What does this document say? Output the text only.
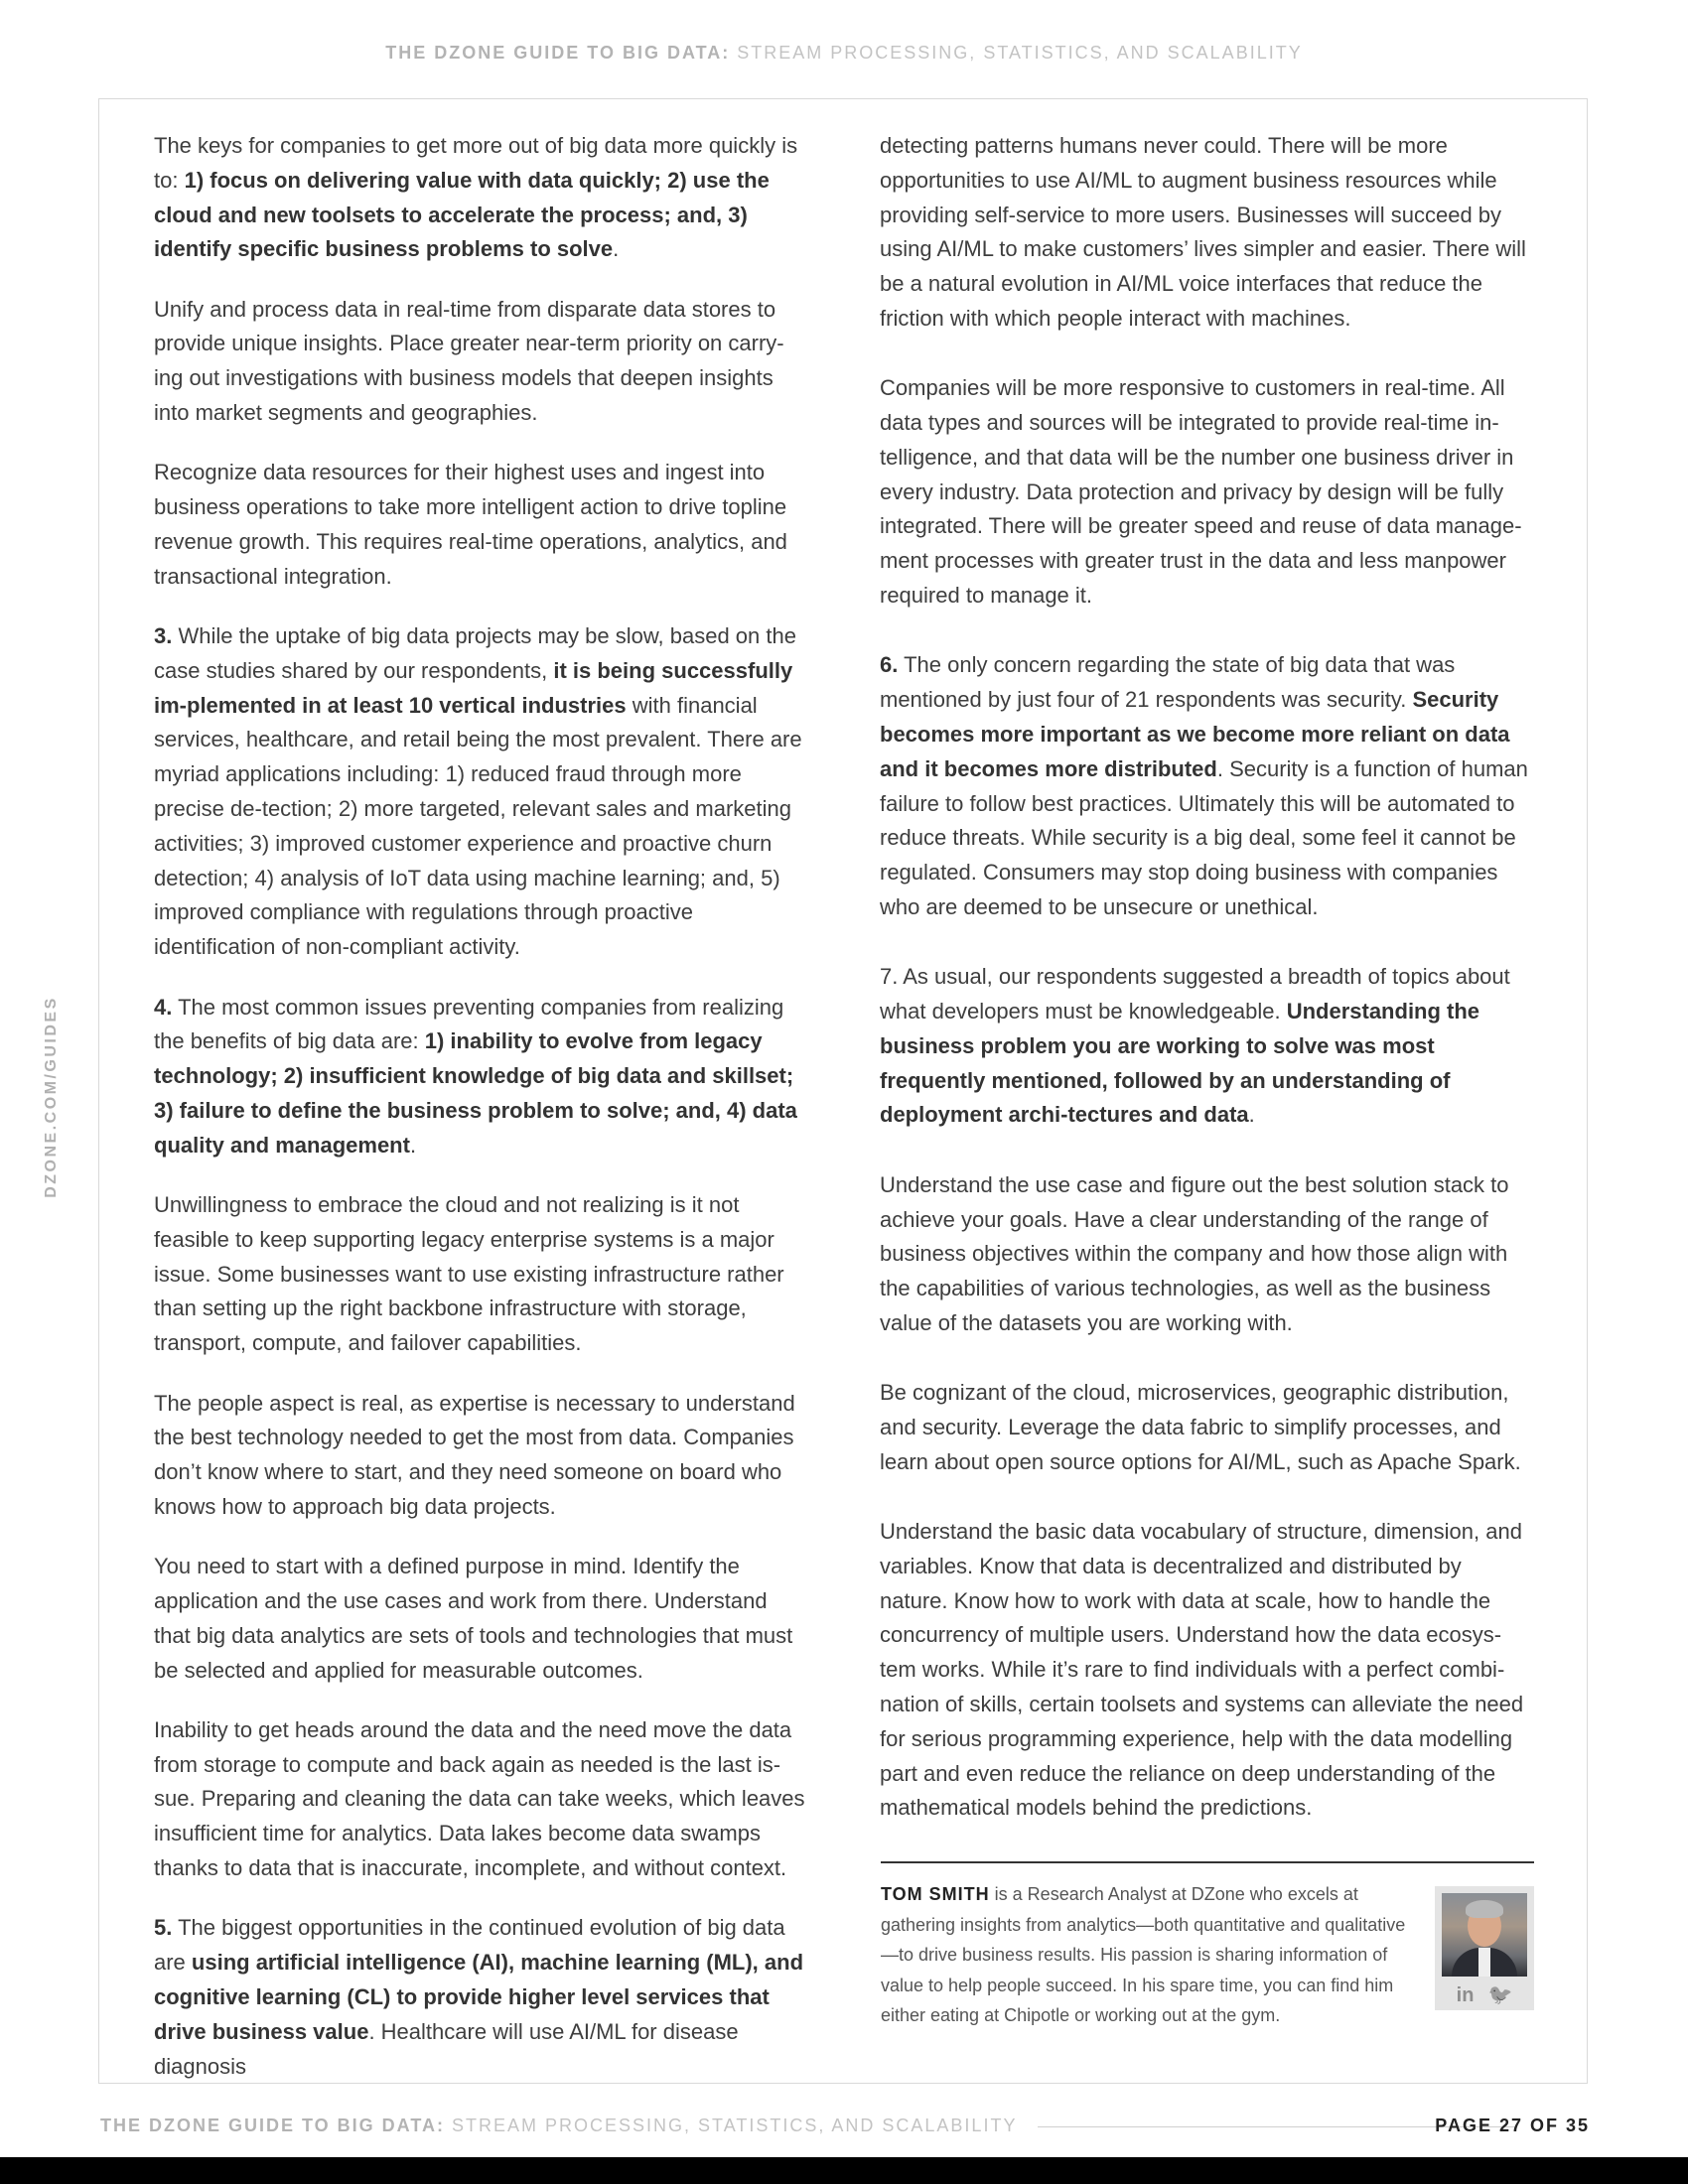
THE DZONE GUIDE TO BIG DATA: STREAM PROCESSING, STATISTICS, AND SCALABILITY
DZONE.COM/GUIDES

The keys for companies to get more out of big data more quickly is to: 1) focus on delivering value with data quickly; 2) use the cloud and new toolsets to accelerate the process; and, 3) identify specific business problems to solve.

Unify and process data in real-time from disparate data stores to provide unique insights. Place greater near-term priority on carry-ing out investigations with business models that deepen insights into market segments and geographies.

Recognize data resources for their highest uses and ingest into business operations to take more intelligent action to drive topline revenue growth. This requires real-time operations, analytics, and transactional integration.

3. While the uptake of big data projects may be slow, based on the case studies shared by our respondents, it is being successfully im-plemented in at least 10 vertical industries with financial services, healthcare, and retail being the most prevalent. There are myriad applications including: 1) reduced fraud through more precise de-tection; 2) more targeted, relevant sales and marketing activities; 3) improved customer experience and proactive churn detection; 4) analysis of IoT data using machine learning; and, 5) improved compliance with regulations through proactive identification of non-compliant activity.

4. The most common issues preventing companies from realizing the benefits of big data are: 1) inability to evolve from legacy technology; 2) insufficient knowledge of big data and skillset; 3) failure to define the business problem to solve; and, 4) data quality and management.

Unwillingness to embrace the cloud and not realizing is it not feasible to keep supporting legacy enterprise systems is a major issue. Some businesses want to use existing infrastructure rather than setting up the right backbone infrastructure with storage, transport, compute, and failover capabilities.

The people aspect is real, as expertise is necessary to understand the best technology needed to get the most from data. Companies don’t know where to start, and they need someone on board who knows how to approach big data projects.

You need to start with a defined purpose in mind. Identify the application and the use cases and work from there. Understand that big data analytics are sets of tools and technologies that must be selected and applied for measurable outcomes.

Inability to get heads around the data and the need move the data from storage to compute and back again as needed is the last is-sue. Preparing and cleaning the data can take weeks, which leaves insufficient time for analytics. Data lakes become data swamps thanks to data that is inaccurate, incomplete, and without context.

5. The biggest opportunities in the continued evolution of big data are using artificial intelligence (AI), machine learning (ML), and cognitive learning (CL) to provide higher level services that drive business value. Healthcare will use AI/ML for disease diagnosis

detecting patterns humans never could. There will be more opportunities to use AI/ML to augment business resources while providing self-service to more users. Businesses will succeed by using AI/ML to make customers’ lives simpler and easier. There will be a natural evolution in AI/ML voice interfaces that reduce the friction with which people interact with machines.

Companies will be more responsive to customers in real-time. All data types and sources will be integrated to provide real-time in-telligence, and that data will be the number one business driver in every industry. Data protection and privacy by design will be fully integrated. There will be greater speed and reuse of data manage-ment processes with greater trust in the data and less manpower required to manage it.

6. The only concern regarding the state of big data that was mentioned by just four of 21 respondents was security. Security becomes more important as we become more reliant on data and it becomes more distributed. Security is a function of human failure to follow best practices. Ultimately this will be automated to reduce threats. While security is a big deal, some feel it cannot be regulated. Consumers may stop doing business with companies who are deemed to be unsecure or unethical.

7. As usual, our respondents suggested a breadth of topics about what developers must be knowledgeable. Understanding the business problem you are working to solve was most frequently mentioned, followed by an understanding of deployment archi-tectures and data.

Understand the use case and figure out the best solution stack to achieve your goals. Have a clear understanding of the range of business objectives within the company and how those align with the capabilities of various technologies, as well as the business value of the datasets you are working with.

Be cognizant of the cloud, microservices, geographic distribution, and security. Leverage the data fabric to simplify processes, and learn about open source options for AI/ML, such as Apache Spark.

Understand the basic data vocabulary of structure, dimension, and variables. Know that data is decentralized and distributed by nature. Know how to work with data at scale, how to handle the concurrency of multiple users. Understand how the data ecosys-tem works. While it’s rare to find individuals with a perfect combi-nation of skills, certain toolsets and systems can alleviate the need for serious programming experience, help with the data modelling part and even reduce the reliance on deep understanding of the mathematical models behind the predictions.

TOM SMITH is a Research Analyst at DZone who excels at gathering insights from analytics—both quantitative and qualitative—to drive business results. His passion is sharing information of value to help people succeed. In his spare time, you can find him either eating at Chipotle or working out at the gym.
in 🐦
THE DZONE GUIDE TO BIG DATA: STREAM PROCESSING, STATISTICS, AND SCALABILITY	PAGE 27 OF 35
